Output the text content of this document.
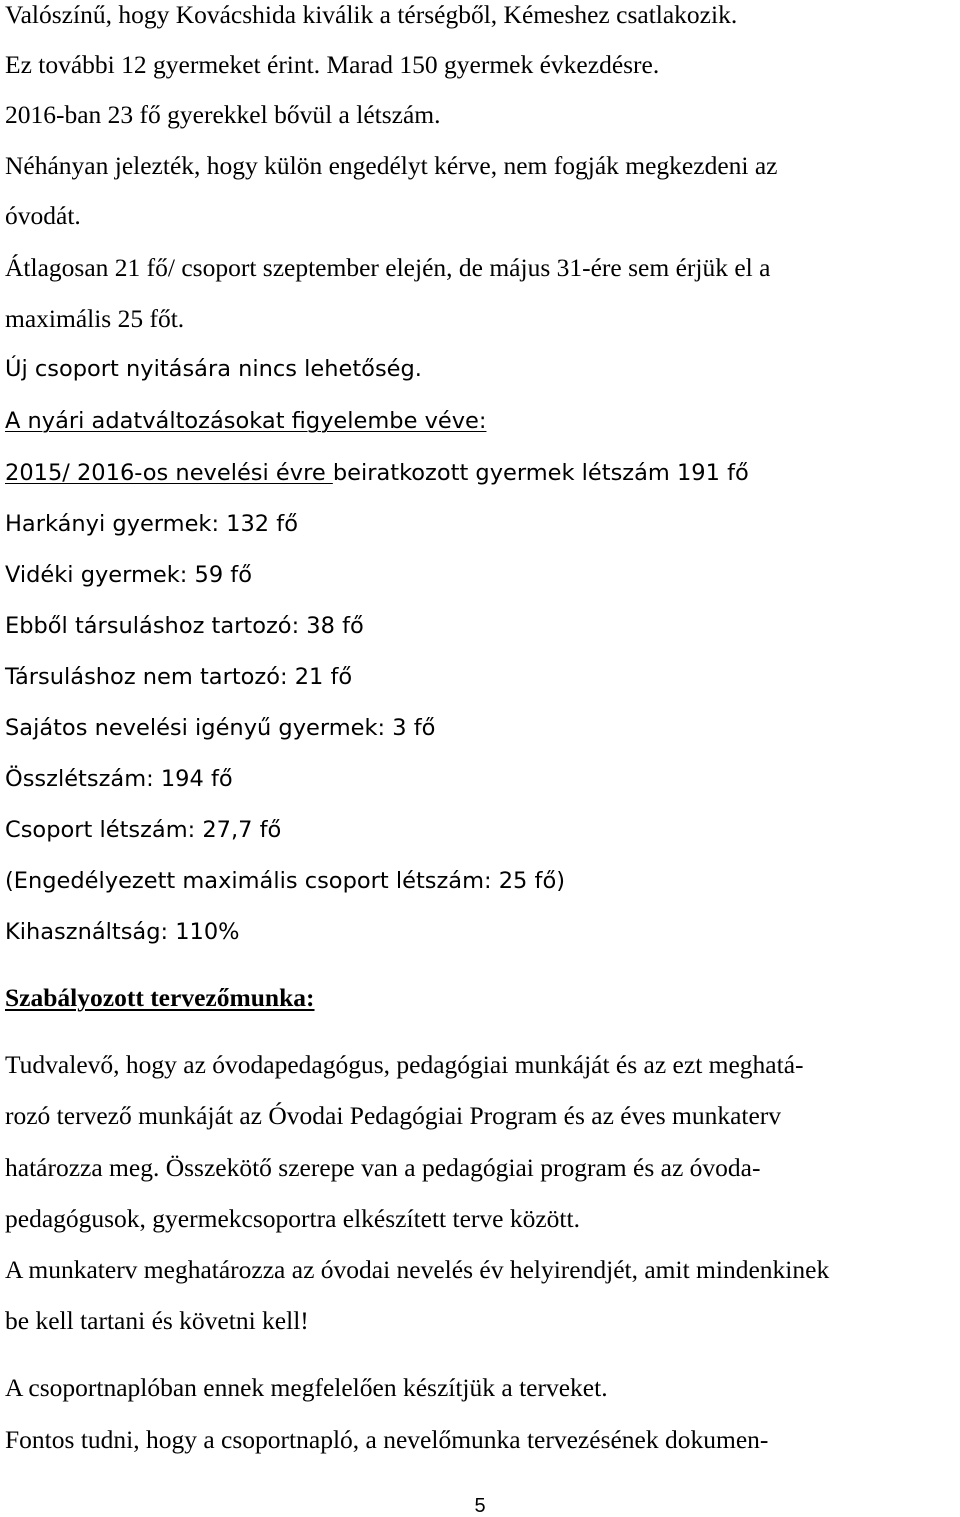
Valószínű, hogy Kovácshida kiválik a térségből, Kémeshez csatlakozik.

Ez további 12 gyermeket érint. Marad 150 gyermek évkezdésre.

2016-ban 23 fő gyerekkel bővül a létszám.

Néhányan jelezték, hogy külön engedélyt kérve, nem fogják megkezdeni az

óvodát.

Átlagosan 21 fő/ csoport szeptember elején, de május 31-ére sem érjük el a

maximális 25 főt.

Új csoport nyitására nincs lehetőség.

A nyári adatváltozásokat figyelembe véve:

2015/ 2016-os nevelési évre beiratkozott gyermek létszám 191 fő

Harkányi gyermek: 132 fő

Vidéki gyermek: 59 fő

Ebből társuláshoz tartozó: 38 fő

Társuláshoz nem tartozó: 21 fő

Sajátos nevelési igényű gyermek: 3 fő

Összlétszám: 194 fő

Csoport létszám: 27,7 fő

(Engedélyezett maximális csoport létszám: 25 fő)

Kihasználtság: 110%

Szabályozott tervezőmunka:

Tudvalevő, hogy az óvodapedagógus, pedagógiai munkáját és az ezt meghatá-

rozó tervező munkáját az Óvodai Pedagógiai Program és az éves munkaterv

határozza meg. Összekötő szerepe van a pedagógiai program és az óvoda-

pedagógusok, gyermekcsoportra elkészített terve között.

A munkaterv meghatározza az óvodai nevelés év helyirendjét, amit mindenkinek

be kell tartani és követni kell!

A csoportnaplóban ennek megfelelően készítjük a terveket.

Fontos tudni, hogy a csoportnapló, a nevelőmunka tervezésének dokumen-

5
